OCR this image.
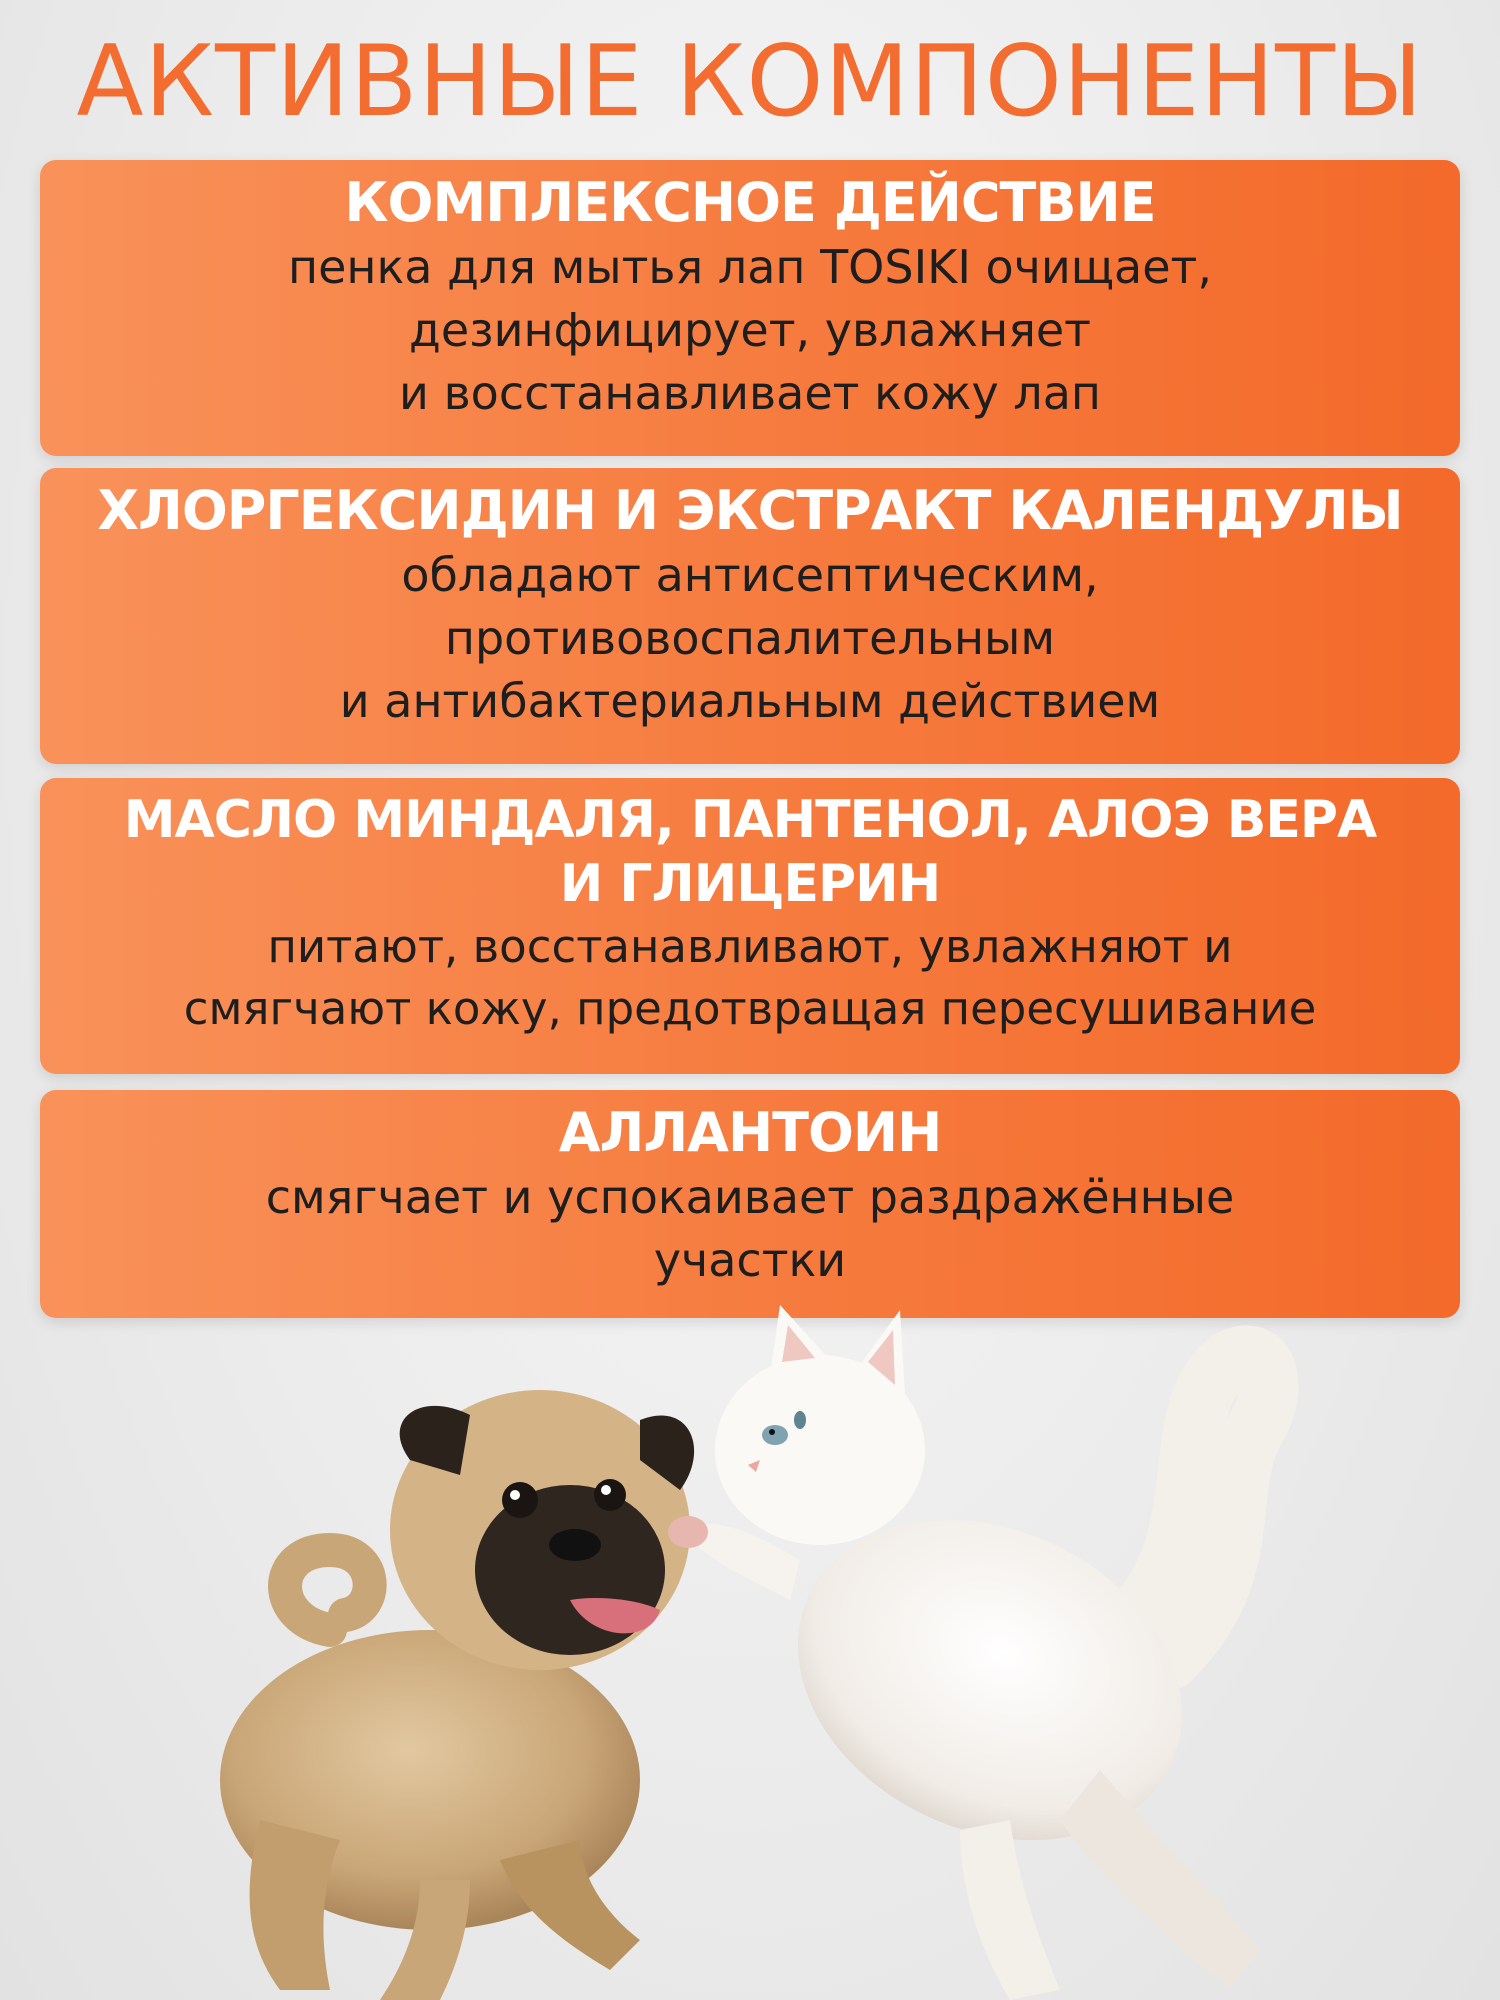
АКТИВНЫЕ КОМПОНЕНТЫ
КОМПЛЕКСНОЕ ДЕЙСТВИЕ
пенка для мытья лап TOSIKI очищает,
дезинфицирует, увлажняет
и восстанавливает кожу лап
ХЛОРГЕКСИДИН И ЭКСТРАКТ КАЛЕНДУЛЫ
обладают антисептическим,
противовоспалительным
и антибактериальным действием
МАСЛО МИНДАЛЯ, ПАНТЕНОЛ, АЛОЭ ВЕРА
И ГЛИЦЕРИН
питают, восстанавливают, увлажняют и
смягчают кожу, предотвращая пересушивание
АЛЛАНТОИН
смягчает и успокаивает раздражённые
участки
